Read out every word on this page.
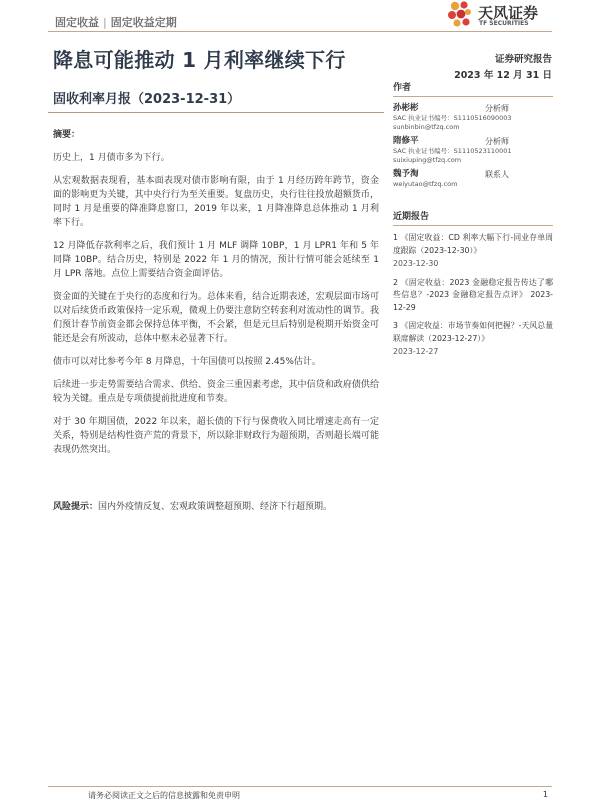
固定收益 | 固定收益定期
天风证券
TF SECURITIES
降息可能推动 1 月利率继续下行
固收利率月报（2023-12-31）
证券研究报告
2023 年 12 月 31 日

摘要：

历史上，1 月债市多为下行。

从宏观数据表现看，基本面表现对债市影响有限，由于 1 月经历跨年跨节，资金面的影响更为关键，其中央行行为至关重要。复盘历史，央行往往投放超额货币，同时 1 月是重要的降准降息窗口，2019 年以来，1 月降准降息总体推动 1 月利率下行。

12 月降低存款利率之后，我们预计 1 月 MLF 调降 10BP，1 月 LPR1 年和 5 年同降 10BP。结合历史，特别是 2022 年 1 月的情况，预计行情可能会延续至 1 月 LPR 落地。点位上需要结合资金面评估。

资金面的关键在于央行的态度和行为。总体来看，结合近期表述，宏观层面市场可以对后续货币政策保持一定乐观，微观上仍要注意防空转套利对流动性的调节。我们预计春节前资金都会保持总体平衡，不会紧，但是元旦后特别是税期开始资金可能还是会有所波动，总体中枢未必显著下行。

债市可以对比参考今年 8 月降息，十年国债可以按照 2.45%估计。

后续进一步走势需要结合需求、供给、资金三重因素考虑，其中信贷和政府债供给较为关键。重点是专项债提前批进度和节奏。

对于 30 年期国债，2022 年以来，超长债的下行与保费收入同比增速走高有一定关系，特别是结构性资产荒的背景下，所以除非财政行为超预期，否则超长端可能表现仍然突出。

风险提示：国内外疫情反复、宏观政策调整超预期、经济下行超预期。
作者
孙彬彬	分析师
SAC 执业证书编号：S1110516090003
sunbinbin@tfzq.com
隋修平	分析师
SAC 执业证书编号：S1110523110001
suixiuping@tfzq.com
魏予淘	联系人
weiyutao@tfzq.com
近期报告
1 《固定收益：CD 利率大幅下行-同业存单周度跟踪（2023-12-30）》
2023-12-30
2 《固定收益：2023 金融稳定报告传达了哪些信息？-2023 金融稳定报告点评》 2023-12-29
3 《固定收益：市场节奏如何把握？-天风总量联席解读（2023-12-27）》
2023-12-27
请务必阅读正文之后的信息披露和免责申明	1
